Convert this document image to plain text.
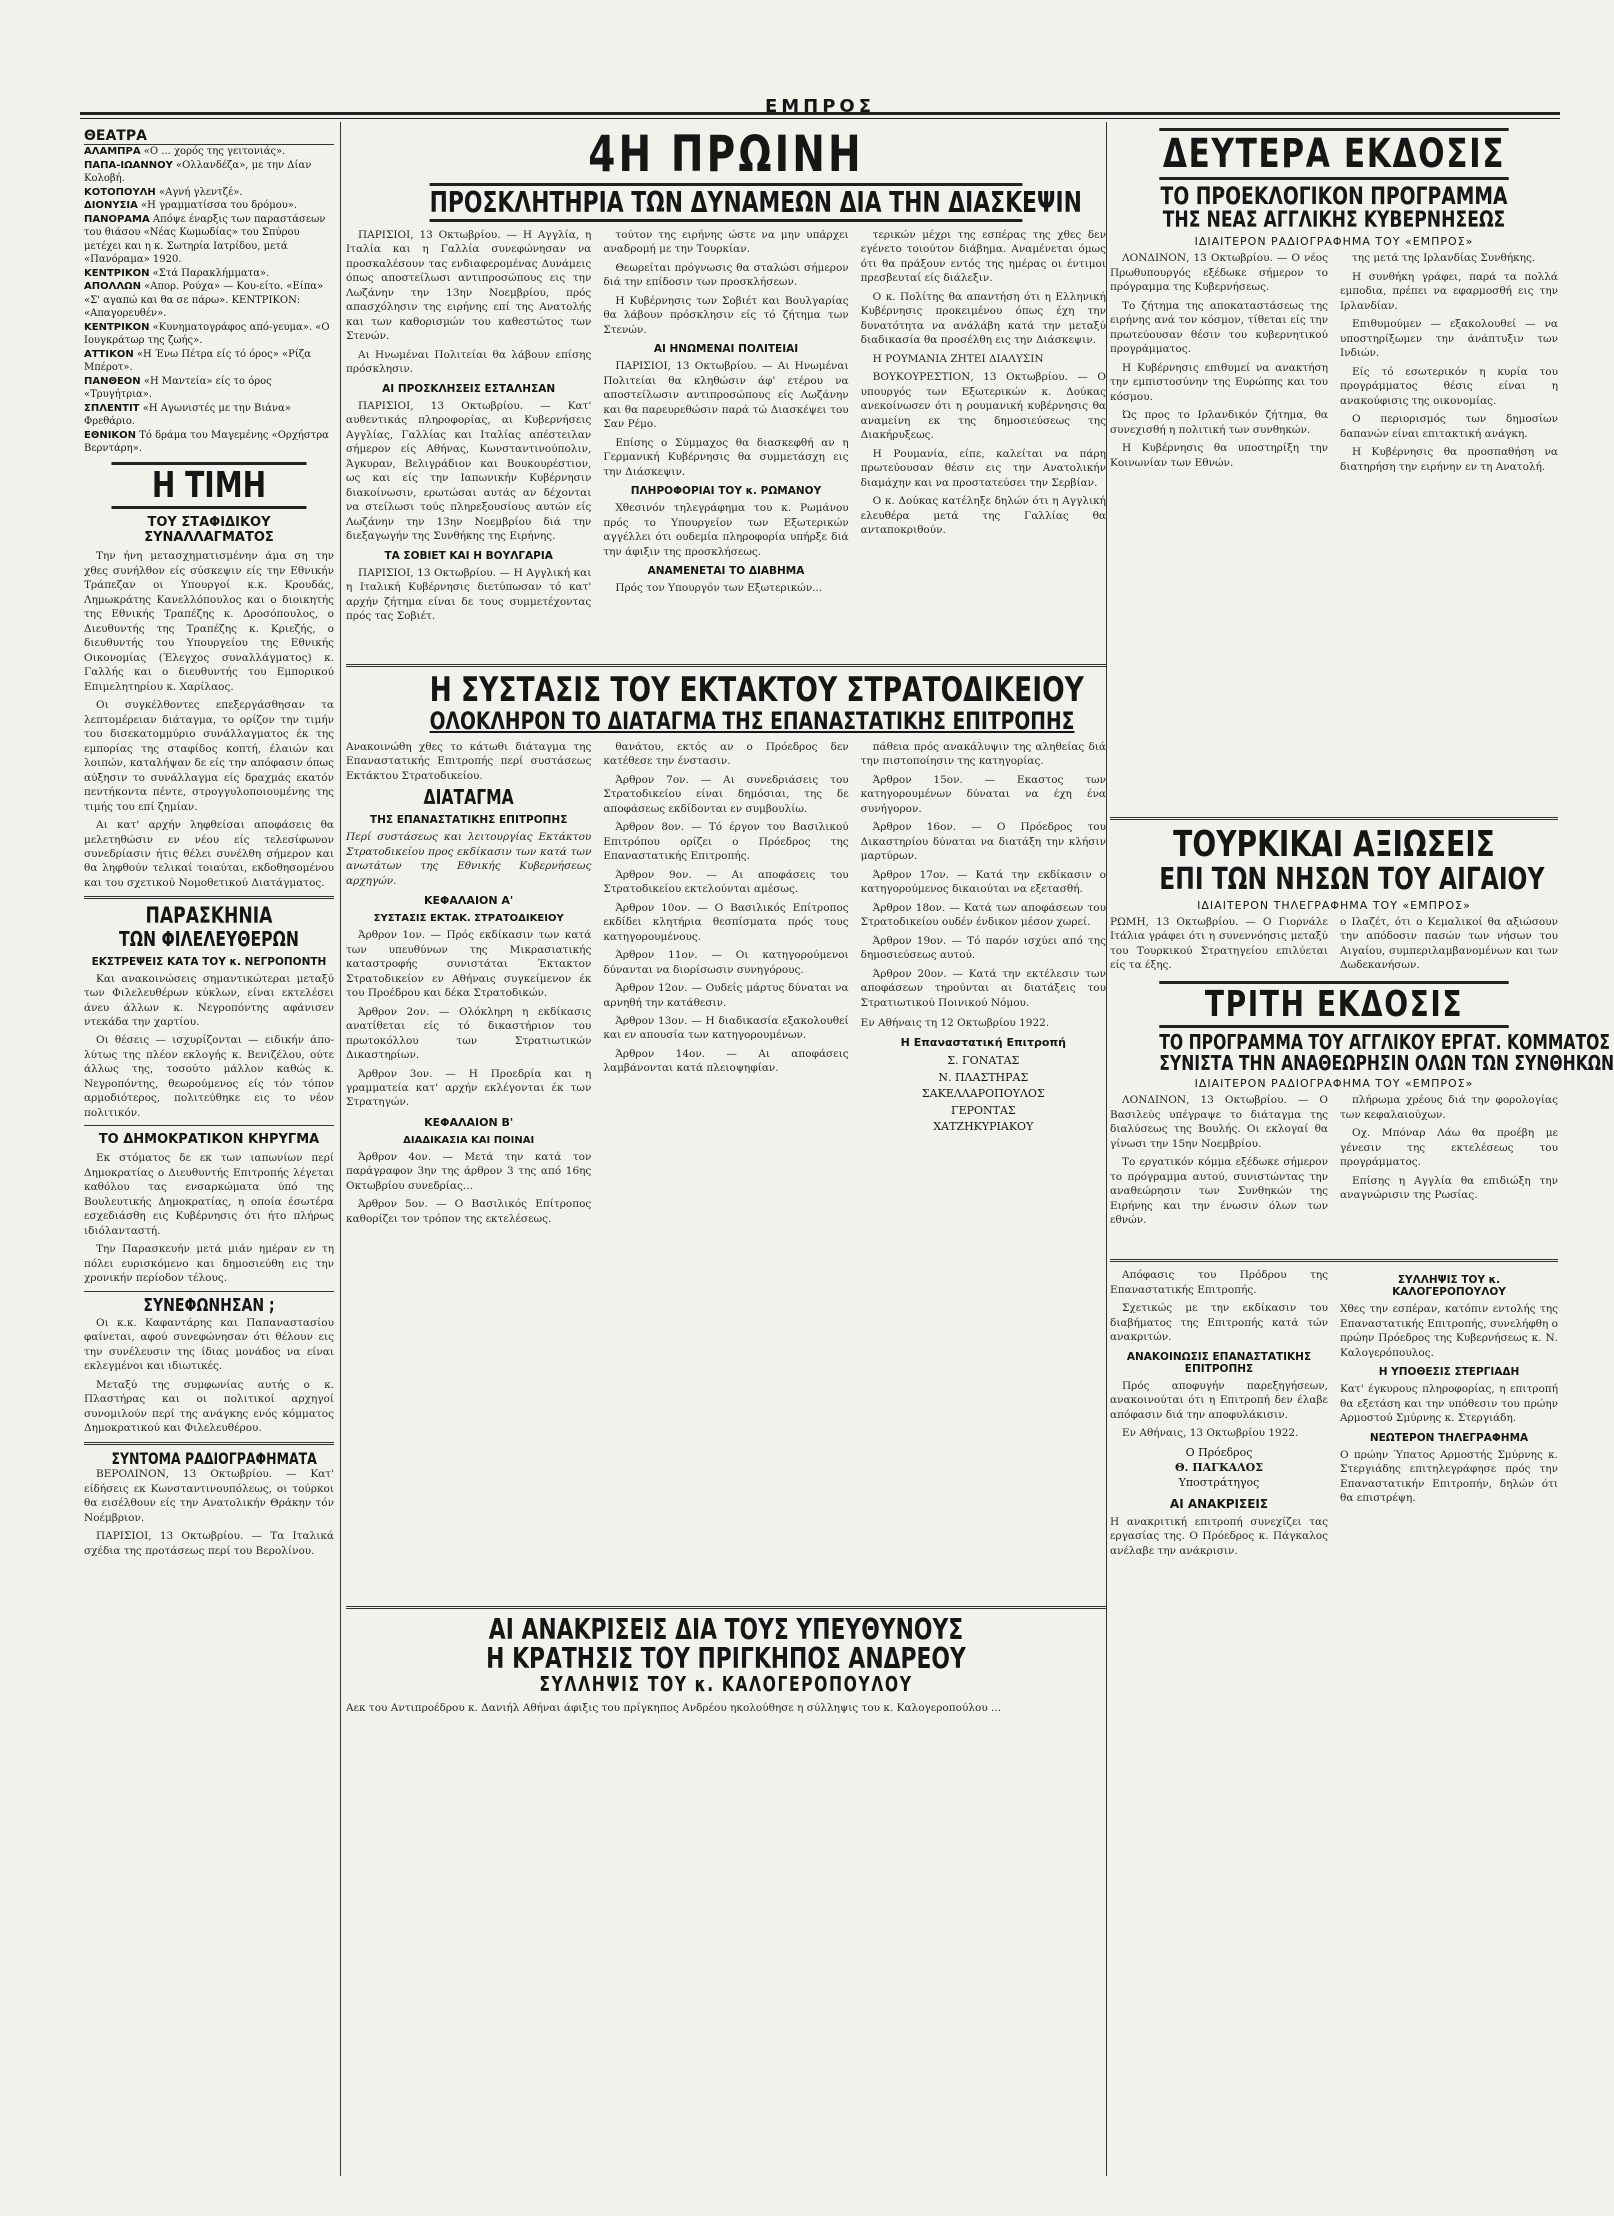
ΕΜΠΡΟΣ
ΘΕΑΤΡΑ

ΑΛΑΜΠΡΑ «Ο ... χορός της γειτονιάς».

ΠΑΠΑ-ΙΩΑΝΝΟΥ «Ολλανδέζα», με την Δίαν Κολοβή.

ΚΟΤΟΠΟΥΛΗ «Αγνή γλεντζέ».

ΔΙΟΝΥΣΙΑ «Η γραμματίσσα του δρόμου».

ΠΑΝΟΡΑΜΑ Απόψε έναρξις των παραστάσεων του θιάσου «Νέας Κωμωδίας» του Σπύρου μετέχει και η κ. Σωτηρία Ιατρίδου, μετά «Πανόραμα» 1920.

ΚΕΝΤΡΙΚΟΝ «Στά Παρακλήμματα».

ΑΠΟΛΛΩΝ «Απορ. Ρούχα» — Κου-είτο. «Είπα» «Σ' αγαπώ και θα σε πάρω». ΚΕΝΤΡΙΚΟΝ: «Απαγορευθέν».

ΚΕΝΤΡΙΚΟΝ «Κυνηματογράφος από-γευμα». «Ο Ιουγκράτωρ της ζωής».

ΑΤΤΙΚΟΝ «Η Ένω Πέτρα είς τό όρος» «Ρίζα Μπέροτ».

ΠΑΝΘΕΟΝ «Η Μαντεία» είς το όρος «Τρυγήτρια».

ΣΠΛΕΝΤΙΤ «Η Αγωνιστές με την Βιάνα» Φρεθάριο.

ΕΘΝΙΚΟΝ Τό δράμα του Μαγεμένης «Ορχήστρα Βερντάρη».

Η ΤΙΜΗ
ΤΟΥ ΣΤΑΦΙΔΙΚΟΥ ΣΥΝΑΛΛΑΓΜΑΤΟΣ

Την ήνη μετασχηματισμένην άμα ση την χθες συνήλθον είς σύσκεψιν είς την Εθνικήν Τράπεζαν οι Υπουργοί κ.κ. Κρουδάς, Λημωκράτης Κανελλόπουλος και ο διοικητής της Εθνικής Τραπέζης κ. Δροσόπουλος, ο Διευθυντής της Τραπέζης κ. Κριεζής, ο διευθυντής του Υπουργείου της Εθνικής Οικονομίας (Έλεγχος συναλλάγματος) κ. Γαλλής και ο διευθυντής του Εμπορικού Επιμελητηρίου κ. Χαρίλαος.

Οι συγκέλθοντες επεξεργάσθησαν τα λεπτομέρειαν διάταγμα, το ορίζον την τιμήν του δισεκατομμύριο συνάλλαγματος έκ της εμπορίας της σταφίδος κοπτή, έλαιών και λοιπών, καταλήψαν δε είς την απόφασιν όπως αύξησιν το συνάλλαγμα είς δραχμάς εκατόν πεντήκοντα πέντε, στρογγυλοποιουμένης της τιμής του επί ζημίαν.

Αι κατ' αρχήν ληφθείσαι αποφάσεις θα μελετηθώσιν εν νέου είς τελεσίφωνον συνεδρίασιν ήτις θέλει συνέλθη σήμερον και θα ληφθούν τελικαί τοιαύται, εκδοθησομένου και του σχετικού Νομοθετικού Διατάγματος.

ΠΑΡΑΣΚΗΝΙΑ
ΤΩΝ ΦΙΛΕΛΕΥΘΕΡΩΝ
ΕΚΣΤΡΕΨΕΙΣ ΚΑΤΑ ΤΟΥ κ. ΝΕΓΡΟΠΟΝΤΗ

Και ανακοινώσεις σημαντικώτεραι μεταξύ των Φιλελευθέρων κύκλων, είναι εκτελέσει άνευ άλλων κ. Νεγροπόντης αφάνισεν ντεκάδα την χαρτίου.

Οι θέσεις — ισχυρίζονται — ειδικήν άπο-λύτως της πλέον εκλογής κ. Βενιζέλου, ούτε άλλως της, τοσούτο μάλλον καθώς κ. Νεγροπόντης, θεωρούμενος είς τόν τόπον αρμοδιότερος, πολιτεύθηκε εις το νέον πολιτικόν.

ΤΟ ΔΗΜΟΚΡΑΤΙΚΟΝ ΚΗΡΥΓΜΑ

Εκ στόματος δε εκ των ιαπωνίων περί Δημοκρατίας ο Διευθυντής Επιτροπής λέγεται καθόλου τας ενσαρκώματα ύπό της Βουλευτικής Δημοκρατίας, η οποία έσωτέρα εσχεδιάσθη εις Κυβέρνησις ότι ήτο πλήρως ιδιόλανταστή.

Την Παρασκευήν μετά μιάν ημέραν εν τη πόλει ευρισκόμενο και δημοσιεύθη εις την χρονικήν περίοδον τέλους.

ΣΥΝΕΦΩΝΗΣΑΝ ;

Οι κ.κ. Καφαντάρης και Παπαναστασίου φαίνεται, αφού συνεφώνησαν ότι θέλουν εις την συνέλευσιν της ίδιας μονάδος να είναι εκλεγμένοι και ιδιωτικές.

Μεταξύ της συμφωνίας αυτής ο κ. Πλαστήρας και οι πολιτικοί αρχηγοί συνομιλούν περί της ανάγκης ενός κόμματος Δημοκρατικού και Φιλελευθέρου.

ΣΥΝΤΟΜΑ ΡΑΔΙΟΓΡΑΦΗΜΑΤΑ

ΒΕΡΟΛΙΝΟΝ, 13 Οκτωβρίου. — Κατ' είδήσεις εκ Κωνσταντινουπόλεως, οι τούρκοι θα εισέλθουν είς την Ανατολικήν Θράκην τόν Νοέμβριον.

ΠΑΡΙΣΙΟΙ, 13 Οκτωβρίου. — Τα Ιταλικά σχέδια της προτάσεως περί του Βερολίνου.

4Η ΠΡΩΙΝΗ
ΠΡΟΣΚΛΗΤΗΡΙΑ ΤΩΝ ΔΥΝΑΜΕΩΝ ΔΙΑ ΤΗΝ ΔΙΑΣΚΕΨΙΝ

ΠΑΡΙΣΙΟΙ, 13 Οκτωβρίου. — Η Αγγλία, η Ιταλία και η Γαλλία συνεφώνησαν να προσκαλέσουν τας ενδιαφερομένας Δυνάμεις όπως αποστείλωσι αντιπροσώπους εις την Λωζάνην την 13ην Νοεμβρίου, πρός απασχόλησιν της ειρήνης επί της Ανατολής και των καθορισμών του καθεστώτος των Στενών.

Αι Ηνωμέναι Πολιτείαι θα λάβουν επίσης πρόσκλησιν.

ΑΙ ΠΡΟΣΚΛΗΣΕΙΣ ΕΣΤΑΛΗΣΑΝ

ΠΑΡΙΣΙΟΙ, 13 Οκτωβρίου. — Κατ' αυθεντικάς πληροφορίας, αι Κυβερνήσεις Αγγλίας, Γαλλίας και Ιταλίας απέστειλαν σήμερον είς Αθήνας, Κωνσταντινούπολιν, Άγκυραν, Βελιγράδιον και Βουκουρέστιον, ως και είς την Ιαπωνικήν Κυβέρνησιν διακοίνωσιν, ερωτώσαι αυτάς αν δέχονται να στείλωσι τούς πληρεξουσίους αυτών είς Λωζάνην την 13ην Νοεμβρίου διά την διεξαγωγήν της Συνθήκης της Ειρήνης.

ΤΑ ΣΟΒΙΕΤ ΚΑΙ Η ΒΟΥΛΓΑΡΙΑ

ΠΑΡΙΣΙΟΙ, 13 Οκτωβρίου. — Η Αγγλική και η Ιταλική Κυβέρνησις διετύπωσαν τό κατ' αρχήν ζήτημα είναι δε τους συμμετέχοντας πρός τας Σοβιέτ.

τούτον της ειρήνης ώστε να μην υπάρχει αναδρομή με την Τουρκίαν.

Θεωρείται πρόγνωσις θα σταλώσι σήμερον διά την επίδοσιν των προσκλήσεων.

Η Κυβέρνησις των Σοβιέτ και Βουλγαρίας θα λάβουν πρόσκλησιν είς τό ζήτημα των Στενών.

ΑΙ ΗΝΩΜΕΝΑΙ ΠΟΛΙΤΕΙΑΙ

ΠΑΡΙΣΙΟΙ, 13 Οκτωβρίου. — Αι Ηνωμέναι Πολιτείαι θα κληθώσιν άφ' ετέρου να αποστείλωσιν αντιπροσώπους είς Λωζάνην και θα παρευρεθώσιν παρά τώ Διασκέψει του Σαν Ρέμο.

Επίσης ο Σύμμαχος θα διασκεφθή αν η Γερμανική Κυβέρνησις θα συμμετάσχη εις την Διάσκεψιν.

ΠΛΗΡΟΦΟΡΙΑΙ ΤΟΥ κ. ΡΩΜΑΝΟΥ

Χθεσινόν τηλεγράφημα του κ. Ρωμάνου πρός το Υπουργείον των Εξωτερικών αγγέλλει ότι ουδεμία πληροφορία υπήρξε διά την άφιξιν της προσκλήσεως.

ΑΝΑΜΕΝΕΤΑΙ ΤΟ ΔΙΑΒΗΜΑ

Πρός τον Υπουργόν των Εξωτερικών...

τερικών μέχρι της εσπέρας της χθες δεν εγένετο τοιούτον διάβημα. Αναμένεται όμως ότι θα πράξουν εντός της ημέρας οι έντιμοι πρεσβευταί είς διάλεξιν.

Ο κ. Πολίτης θα απαντήση ότι η Ελληνική Κυβέρνησις προκειμένου όπως έχη την δυνατότητα να ανάλάβη κατά την μεταξύ διαδικασία θα προσέλθη εις την Διάσκεψιν.

Η ΡΟΥΜΑΝΙΑ ΖΗΤΕΙ ΔΙΑΛΥΣΙΝ

ΒΟΥΚΟΥΡΕΣΤΙΟΝ, 13 Οκτωβρίου. — Ο υπουργός των Εξωτερικών κ. Δούκας ανεκοίνωσεν ότι η ρουμανική κυβέρνησις θα αναμείνη εκ της δημοσιεύσεως της Διακήρυξεως.

Η Ρουμανία, είπε, καλείται να πάρη πρωτεύουσαν θέσιν εις την Ανατολικήν διαμάχην και να προστατεύσει την Σερβίαν.

Ο κ. Δούκας κατέληξε δηλών ότι η Αγγλική ελευθέρα μετά της Γαλλίας θα ανταποκριθούν.

Η ΣΥΣΤΑΣΙΣ ΤΟΥ ΕΚΤΑΚΤΟΥ ΣΤΡΑΤΟΔΙΚΕΙΟΥ
ΟΛΟΚΛΗΡΟΝ ΤΟ ΔΙΑΤΑΓΜΑ ΤΗΣ ΕΠΑΝΑΣΤΑΤΙΚΗΣ ΕΠΙΤΡΟΠΗΣ
Ανακοινώθη χθες το κάτωθι διάταγμα της Επαναστατικής Επιτροπής περί συστάσεως Εκτάκτου Στρατοδικείου.
ΔΙΑΤΑΓΜΑ
ΤΗΣ ΕΠΑΝΑΣΤΑΤΙΚΗΣ ΕΠΙΤΡΟΠΗΣ
Περί συστάσεως και λειτουργίας Εκτάκτου Στρατοδικείου προς εκδίκασιν των κατά των ανωτάτων της Εθνικής Κυβερνήσεως αρχηγών.
ΚΕΦΑΛΑΙΟΝ Α'
ΣΥΣΤΑΣΙΣ ΕΚΤΑΚ. ΣΤΡΑΤΟΔΙΚΕΙΟΥ

Άρθρον 1ον. — Πρός εκδίκασιν των κατά των υπευθύνων της Μικρασιατικής καταστροφής συνιστάται Έκτακτον Στρατοδικείον εν Αθήναις συγκείμενον έκ του Προέδρου και δέκα Στρατοδικών.

Άρθρον 2ον. — Ολόκληρη η εκδίκασις ανατίθεται είς τό δικαστήριον του πρωτοκόλλου των Στρατιωτικών Δικαστηρίων.

Άρθρον 3ον. — Η Προεδρία και η γραμματεία κατ' αρχήν εκλέγονται έκ των Στρατηγών.

ΚΕΦΑΛΑΙΟΝ Β'
ΔΙΑΔΙΚΑΣΙΑ ΚΑΙ ΠΟΙΝΑΙ

Άρθρον 4ον. — Μετά την κατά τον παράγραφον 3ην της άρθρον 3 της από 16ης Οκτωβρίου συνεδρίας...

Άρθρον 5ον. — Ο Βασιλικός Επίτροπος καθορίζει τον τρόπον της εκτελέσεως.

θανάτου, εκτός αν ο Πρόεδρος δεν κατέθεσε την ένστασιν.

Άρθρον 7ον. — Αι συνεδριάσεις του Στρατοδικείου είναι δημόσιαι, της δε αποφάσεως εκδίδονται εν συμβουλίω.

Άρθρον 8ον. — Τό έργον του Βασιλικού Επιτρόπου ορίζει ο Πρόεδρος της Επαναστατικής Επιτροπής.

Άρθρον 9ον. — Αι αποφάσεις του Στρατοδικείου εκτελούνται αμέσως.

Άρθρον 10ον. — Ο Βασιλικός Επίτροπος εκδίδει κλητήρια θεσπίσματα πρός τους κατηγορουμένους.

Άρθρον 11ον. — Οι κατηγορούμενοι δύνανται να διορίσωσιν συνηγόρους.

Άρθρον 12ον. — Ουδείς μάρτυς δύναται να αρνηθή την κατάθεσιν.

Άρθρον 13ον. — Η διαδικασία εξακολουθεί και εν απουσία των κατηγορουμένων.

Άρθρον 14ον. — Αι αποφάσεις λαμβάνονται κατά πλειοψηφίαν.

πάθεια πρός ανακάλυψιν της αληθείας διά την πιστοποίησιν της κατηγορίας.

Άρθρον 15ον. — Εκαστος των κατηγορουμένων δύναται να έχη ένα συνήγορον.

Άρθρον 16ον. — Ο Πρόεδρος του Δικαστηρίου δύναται να διατάξη την κλήσιν μαρτύρων.

Άρθρον 17ον. — Κατά την εκδίκασιν ο κατηγορούμενος δικαιούται να εξετασθή.

Άρθρον 18ον. — Κατά των αποφάσεων του Στρατοδικείου ουδέν ένδικον μέσον χωρεί.

Άρθρον 19ον. — Τό παρόν ισχύει από της δημοσιεύσεως αυτού.

Άρθρον 20ον. — Κατά την εκτέλεσιν των αποφάσεων τηρούνται αι διατάξεις του Στρατιωτικού Ποινικού Νόμου.

Εν Αθήναις τη 12 Οκτωβρίου 1922.
Η Επαναστατική Επιτροπή
Σ. ΓΟΝΑΤΑΣ
Ν. ΠΛΑΣΤΗΡΑΣ
ΣΑΚΕΛΛΑΡΟΠΟΥΛΟΣ
ΓΕΡΟΝΤΑΣ
ΧΑΤΖΗΚΥΡΙΑΚΟΥ
ΑΙ ΑΝΑΚΡΙΣΕΙΣ ΔΙΑ ΤΟΥΣ ΥΠΕΥΘΥΝΟΥΣ
Η ΚΡΑΤΗΣΙΣ ΤΟΥ ΠΡΙΓΚΗΠΟΣ ΑΝΔΡΕΟΥ
ΣΥΛΛΗΨΙΣ ΤΟΥ κ. ΚΑΛΟΓΕΡΟΠΟΥΛΟΥ
Αεκ του Αντιπροέδρου κ. Δανιήλ Αθήναι άφιξις του πρίγκηπος Ανδρέου ηκολούθησε η σύλληψις του κ. Καλογεροπούλου ...
ΔΕΥΤΕΡΑ ΕΚΔΟΣΙΣ
ΤΟ ΠΡΟΕΚΛΟΓΙΚΟΝ ΠΡΟΓΡΑΜΜΑ
ΤΗΣ ΝΕΑΣ ΑΓΓΛΙΚΗΣ ΚΥΒΕΡΝΗΣΕΩΣ
ΙΔΙΑΙΤΕΡΟΝ ΡΑΔΙΟΓΡΑΦΗΜΑ ΤΟΥ «ΕΜΠΡΟΣ»

ΛΟΝΔΙΝΟΝ, 13 Οκτωβρίου. — Ο νέος Πρωθυπουργός εξέδωκε σήμερον το πρόγραμμα της Κυβερνήσεως.

Το ζήτημα της αποκαταστάσεως της ειρήνης ανά τον κόσμον, τίθεται είς την πρωτεύουσαν θέσιν του κυβερνητικού προγράμματος.

Η Κυβέρνησις επιθυμεί να ανακτήση την εμπιστοσύνην της Ευρώπης και του κόσμου.

Ώς προς το Ιρλανδικόν ζήτημα, θα συνεχισθή η πολιτική των συνθηκών.

Η Κυβέρνησις θα υποστηρίξη την Κοινωνίαν των Εθνών.

της μετά της Ιρλανδίας Συνθήκης.

Η συνθήκη γράφει, παρά τα πολλά εμποδια, πρέπει να εφαρμοσθή εις την Ιρλανδίαν.

Επιθυμούμεν — εξακολουθεί — να υποστηρίξωμεν την άνάπτυξιν των Ινδιών.

Είς τό εσωτερικόν η κυρία του προγράμματος θέσις είναι η ανακούφισις της οικονομίας.

Ο περιορισμός των δημοσίων δαπανών είναι επιτακτική ανάγκη.

Η Κυβέρνησις θα προσπαθήση να διατηρήση την ειρήνην εν τη Ανατολή.

ΤΟΥΡΚΙΚΑΙ ΑΞΙΩΣΕΙΣ
ΕΠΙ ΤΩΝ ΝΗΣΩΝ ΤΟΥ ΑΙΓΑΙΟΥ
ΙΔΙΑΙΤΕΡΟΝ ΤΗΛΕΓΡΑΦΗΜΑ ΤΟΥ «ΕΜΠΡΟΣ»
ΡΩΜΗ, 13 Οκτωβρίου. — Ο Γιορνάλε Ιτάλια γράφει ότι η συνεννόησις μεταξύ του Τουρκικού Στρατηγείου επιλύεται είς τα έξης.
ο Ιλαζέτ, ότι ο Κεμαλικοί θα αξιώσουν την απόδοσιν πασών των νήσων του Αιγαίου, συμπεριλαμβανομένων και των Δωδεκανήσων.
ΤΡΙΤΗ ΕΚΔΟΣΙΣ
ΤΟ ΠΡΟΓΡΑΜΜΑ ΤΟΥ ΑΓΓΛΙΚΟΥ ΕΡΓΑΤ. ΚΟΜΜΑΤΟΣ
ΣΥΝΙΣΤΑ ΤΗΝ ΑΝΑΘΕΩΡΗΣΙΝ ΟΛΩΝ ΤΩΝ ΣΥΝΘΗΚΩΝ
ΙΔΙΑΙΤΕΡΟΝ ΡΑΔΙΟΓΡΑΦΗΜΑ ΤΟΥ «ΕΜΠΡΟΣ»

ΛΟΝΔΙΝΟΝ, 13 Οκτωβρίου. — Ο Βασιλεύς υπέγραψε το διάταγμα της διαλύσεως της Βουλής. Οι εκλογαί θα γίνωσι την 15ην Νοεμβρίου.

Το εργατικόν κόμμα εξέδωκε σήμερον το πρόγραμμα αυτού, συνιστώντας την αναθεώρησιν των Συνθηκών της Ειρήνης και την ένωσιν όλων των εθνών.

πλήρωμα χρέους διά την φορολογίας των κεφαλαιούχων.

Οχ. Μπόναρ Λάω θα προέβη με γένεσιν της εκτελέσεως του προγράμματος.

Επίσης η Αγγλία θα επιδιώξη την αναγνώρισιν της Ρωσίας.

Απόφασις του Πρόδρου της Επαναστατικής Επιτροπής.

Σχετικώς με την εκδίκασιν του διαβήματος της Επιτροπής κατά τών ανακριτών.

ΑΝΑΚΟΙΝΩΣΙΣ ΕΠΑΝΑΣΤΑΤΙΚΗΣ ΕΠΙΤΡΟΠΗΣ

Πρός αποφυγήν παρεξηγήσεων, ανακοινούται ότι η Επιτροπή δεν έλαβε απόφασιν διά την αποφυλάκισιν.

Εν Αθήναις, 13 Οκτωβρίου 1922.

Ο Πρόεδρος
Θ. ΠΑΓΚΑΛΟΣ
Υποστράτηγος
ΑΙ ΑΝΑΚΡΙΣΕΙΣ
Η ανακριτική επιτροπή συνεχίζει τας εργασίας της. Ο Πρόεδρος κ. Πάγκαλος ανέλαβε την ανάκρισιν.
ΣΥΛΛΗΨΙΣ ΤΟΥ κ. ΚΑΛΟΓΕΡΟΠΟΥΛΟΥ
Χθες την εσπέραν, κατόπιν εντολής της Επαναστατικής Επιτροπής, συνελήφθη ο πρώην Πρόεδρος της Κυβερνήσεως κ. Ν. Καλογερόπουλος.
Η ΥΠΟΘΕΣΙΣ ΣΤΕΡΓΙΑΔΗ
Κατ' έγκυρους πληροφορίας, η επιτροπή θα εξετάση και την υπόθεσιν του πρώην Αρμοστού Σμύρνης κ. Στεργιάδη.
ΝΕΩΤΕΡΟΝ ΤΗΛΕΓΡΑΦΗΜΑ
Ο πρώην Ύπατος Αρμοστής Σμύρνης κ. Στεργιάδης επιτηλεγράφησε πρός την Επαναστατικήν Επιτροπήν, δηλών ότι θα επιστρέψη.
